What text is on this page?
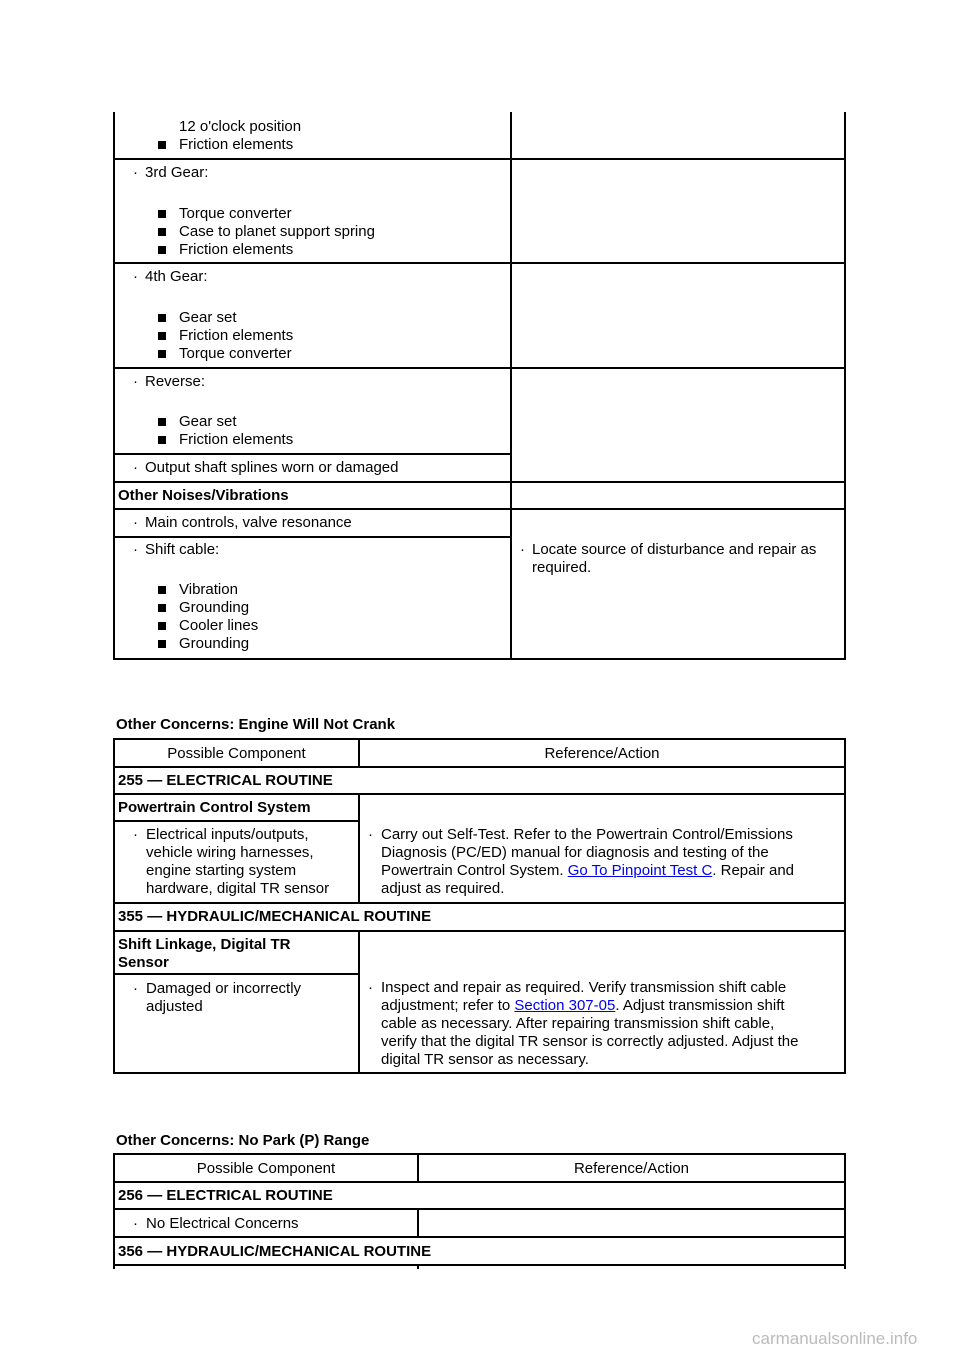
12 o'clock position
Friction elements
· 3rd Gear:
Torque converter
Case to planet support spring
Friction elements
· 4th Gear:
Gear set
Friction elements
Torque converter
· Reverse:
Gear set
Friction elements
· Output shaft splines worn or damaged
Other Noises/Vibrations
· Main controls, valve resonance
· Shift cable:
Vibration
Grounding
Cooler lines
Grounding
· Locate source of disturbance and repair as
required.
Other Concerns: Engine Will Not Crank
Possible Component	Reference/Action
255 — ELECTRICAL ROUTINE
Powertrain Control System
· Electrical inputs/outputs,
vehicle wiring harnesses,
engine starting system
hardware, digital TR sensor
· Carry out Self-Test. Refer to the Powertrain Control/Emissions
Diagnosis (PC/ED) manual for diagnosis and testing of the
Powertrain Control System. Go To Pinpoint Test C. Repair and
adjust as required.
355 — HYDRAULIC/MECHANICAL ROUTINE
Shift Linkage, Digital TR
Sensor
· Damaged or incorrectly
adjusted
· Inspect and repair as required. Verify transmission shift cable
adjustment; refer to Section 307-05. Adjust transmission shift
cable as necessary. After repairing transmission shift cable,
verify that the digital TR sensor is correctly adjusted. Adjust the
digital TR sensor as necessary.
Other Concerns: No Park (P) Range
Possible Component	Reference/Action
256 — ELECTRICAL ROUTINE
· No Electrical Concerns
356 — HYDRAULIC/MECHANICAL ROUTINE
carmanualsonline.info
